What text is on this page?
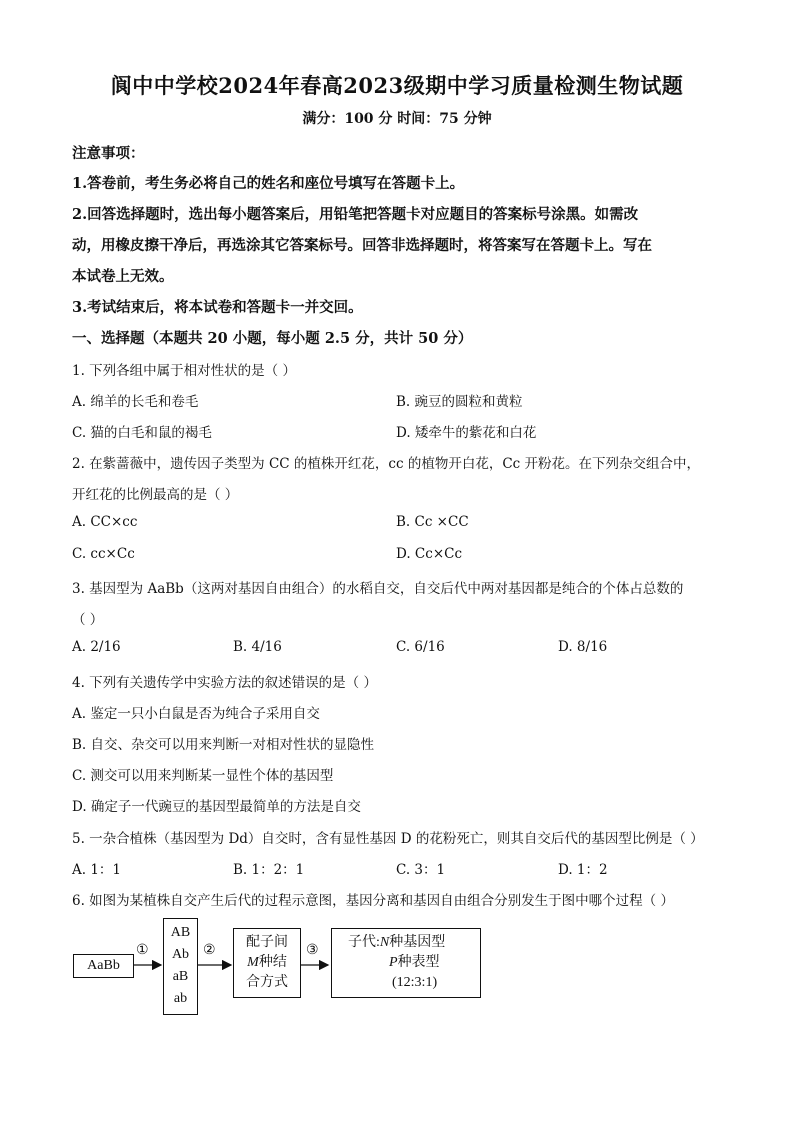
阆中中学校2024年春高2023级期中学习质量检测生物试题
满分：100 分 时间：75 分钟
注意事项：
1.答卷前，考生务必将自己的姓名和座位号填写在答题卡上。
2.回答选择题时，选出每小题答案后，用铅笔把答题卡对应题目的答案标号涂黑。如需改
动，用橡皮擦干净后，再选涂其它答案标号。回答非选择题时，将答案写在答题卡上。写在
本试卷上无效。
3.考试结束后，将本试卷和答题卡一并交回。
一、选择题（本题共 20 小题，每小题 2.5 分，共计 50 分）
1. 下列各组中属于相对性状的是（ ）
A. 绵羊的长毛和卷毛	B. 豌豆的圆粒和黄粒
C. 猫的白毛和鼠的褐毛	D. 矮牵牛的紫花和白花
2. 在紫蔷薇中，遗传因子类型为 CC 的植株开红花，cc 的植物开白花，Cc 开粉花。在下列杂交组合中，
开红花的比例最高的是（ ）
A. CC×cc	B. Cc ×CC
C. cc×Cc	D. Cc×Cc
3. 基因型为 AaBb（这两对基因自由组合）的水稻自交，自交后代中两对基因都是纯合的个体占总数的
（ ）
A. 2/16	B. 4/16	C. 6/16	D. 8/16
4. 下列有关遗传学中实验方法的叙述错误的是（ ）
A. 鉴定一只小白鼠是否为纯合子采用自交
B. 自交、杂交可以用来判断一对相对性状的显隐性
C. 测交可以用来判断某一显性个体的基因型
D. 确定子一代豌豆的基因型最简单的方法是自交
5. 一杂合植株（基因型为 Dd）自交时，含有显性基因 D 的花粉死亡，则其自交后代的基因型比例是（ ）
A. 1：1	B. 1：2：1	C. 3：1	D. 1：2
6. 如图为某植株自交产生后代的过程示意图，基因分离和基因自由组合分别发生于图中哪个过程（ ）
AaBb
①	②	③
AB
Ab
aB
ab
配子间
M种结
合方式
子代:N种基因型
P种表型
(12:3:1)
